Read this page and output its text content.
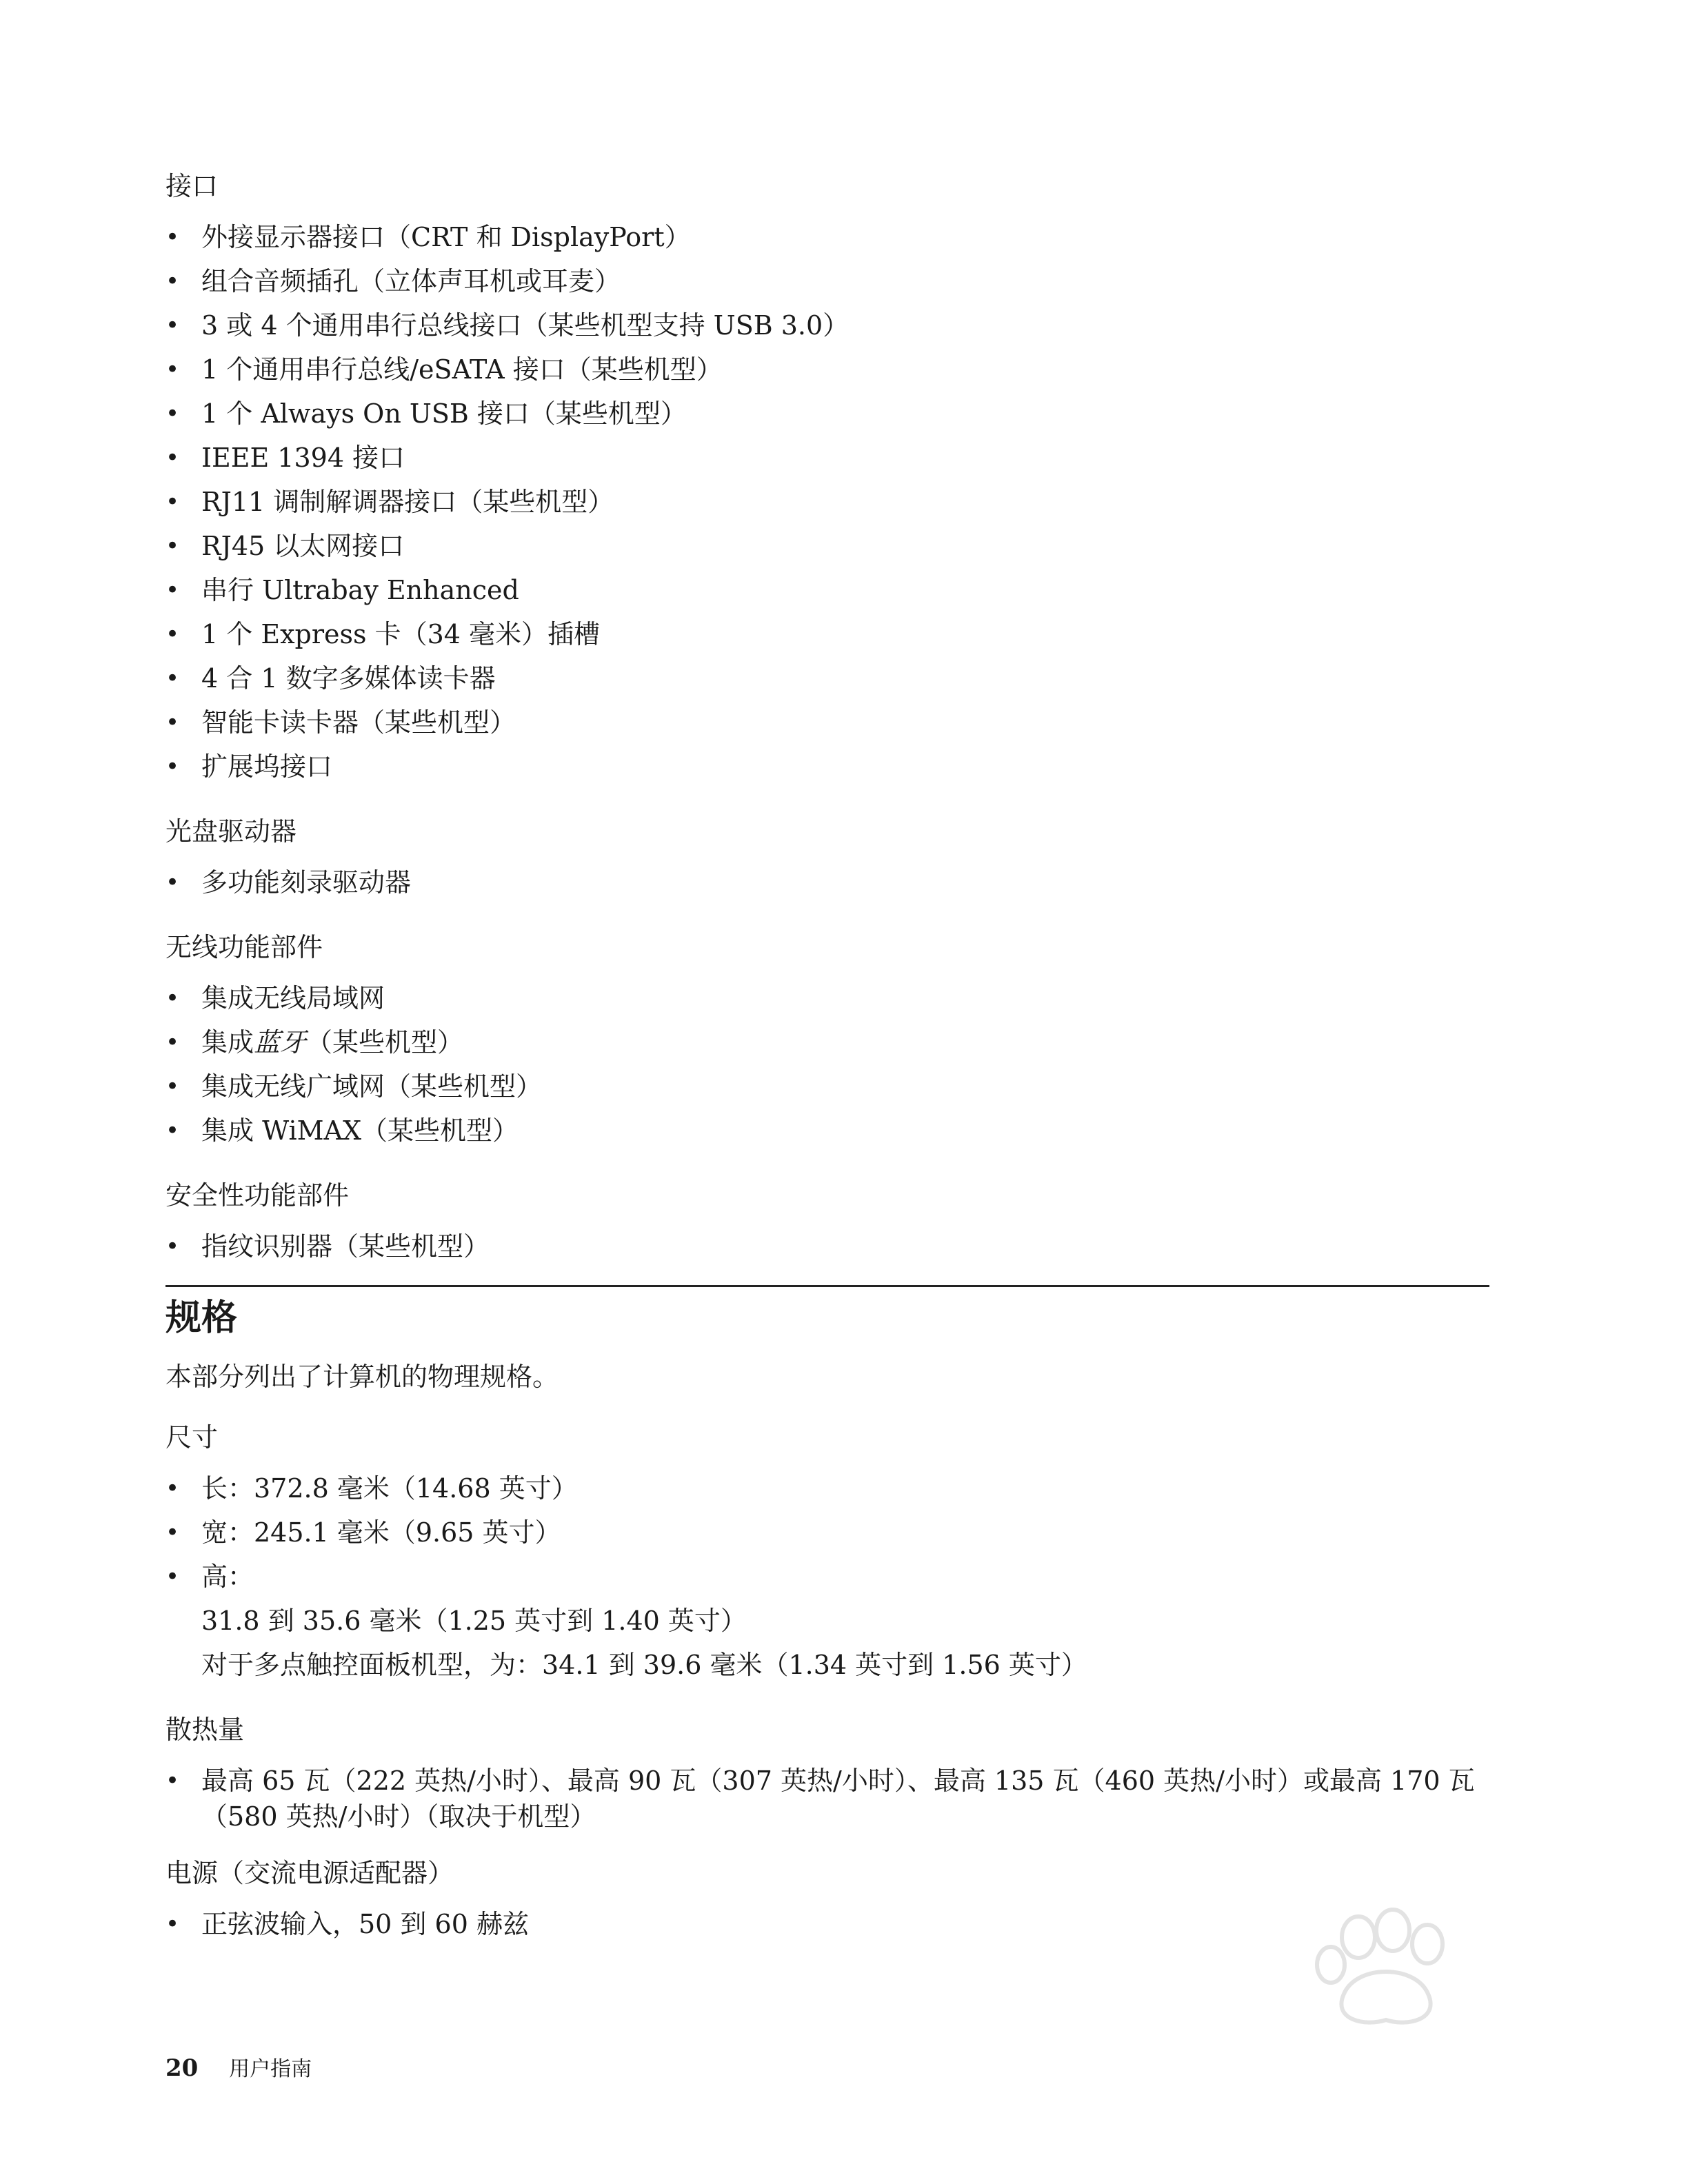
接口

• 外接显示器接口（CRT 和 DisplayPort）
• 组合音频插孔（立体声耳机或耳麦）
• 3 或 4 个通用串行总线接口（某些机型支持 USB 3.0）
• 1 个通用串行总线/eSATA 接口（某些机型）
• 1 个 Always On USB 接口（某些机型）
• IEEE 1394 接口
• RJ11 调制解调器接口（某些机型）
• RJ45 以太网接口
• 串行 Ultrabay Enhanced
• 1 个 Express 卡（34 毫米）插槽
• 4 合 1 数字多媒体读卡器
• 智能卡读卡器（某些机型）
• 扩展坞接口

光盘驱动器

• 多功能刻录驱动器

无线功能部件

• 集成无线局域网
• 集成蓝牙（某些机型）
• 集成无线广域网（某些机型）
• 集成 WiMAX（某些机型）

安全性功能部件

• 指纹识别器（某些机型）
规格

本部分列出了计算机的物理规格。

尺寸

• 长：372.8 毫米（14.68 英寸）
• 宽：245.1 毫米（9.65 英寸）
• 高：
31.8 到 35.6 毫米（1.25 英寸到 1.40 英寸）
对于多点触控面板机型，为：34.1 到 39.6 毫米（1.34 英寸到 1.56 英寸）

散热量

• 最高 65 瓦（222 英热/小时）、最高 90 瓦（307 英热/小时）、最高 135 瓦（460 英热/小时）或最高 170 瓦（580 英热/小时）（取决于机型）

电源（交流电源适配器）

• 正弦波输入，50 到 60 赫兹
20 用户指南
